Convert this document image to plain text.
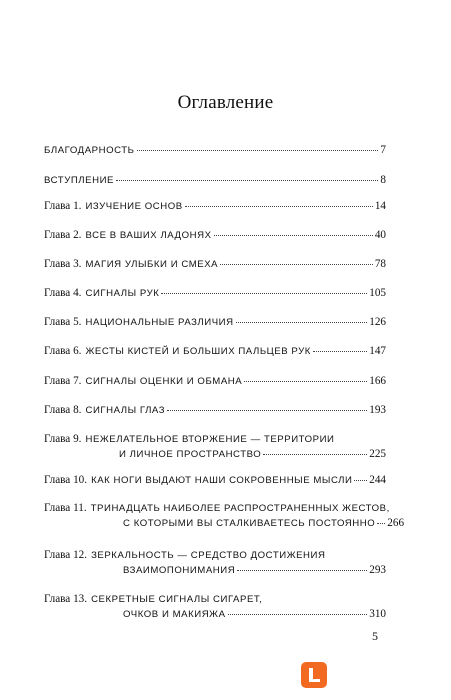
Оглавление
БЛАГОДАРНОСТЬ	7
ВСТУПЛЕНИЕ	8
Глава 1. ИЗУЧЕНИЕ ОСНОВ	14
Глава 2. ВСЕ В ВАШИХ ЛАДОНЯХ	40
Глава 3. МАГИЯ УЛЫБКИ И СМЕХА	78
Глава 4. СИГНАЛЫ РУК	105
Глава 5. НАЦИОНАЛЬНЫЕ РАЗЛИЧИЯ	126
Глава 6. ЖЕСТЫ КИСТЕЙ И БОЛЬШИХ ПАЛЬЦЕВ РУК	147
Глава 7. СИГНАЛЫ ОЦЕНКИ И ОБМАНА	166
Глава 8. СИГНАЛЫ ГЛАЗ	193
Глава 9. НЕЖЕЛАТЕЛЬНОЕ ВТОРЖЕНИЕ — ТЕРРИТОРИИ
И ЛИЧНОЕ ПРОСТРАНСТВО	225
Глава 10. КАК НОГИ ВЫДАЮТ НАШИ СОКРОВЕННЫЕ МЫСЛИ 244
Глава 11. ТРИНАДЦАТЬ НАИБОЛЕЕ РАСПРОСТРАНЕННЫХ ЖЕСТОВ,
С КОТОРЫМИ ВЫ СТАЛКИВАЕТЕСЬ ПОСТОЯННО 266
Глава 12. ЗЕРКАЛЬНОСТЬ — СРЕДСТВО ДОСТИЖЕНИЯ
ВЗАИМОПОНИМАНИЯ	293
Глава 13. СЕКРЕТНЫЕ СИГНАЛЫ СИГАРЕТ,
ОЧКОВ И МАКИЯЖА	310
5
